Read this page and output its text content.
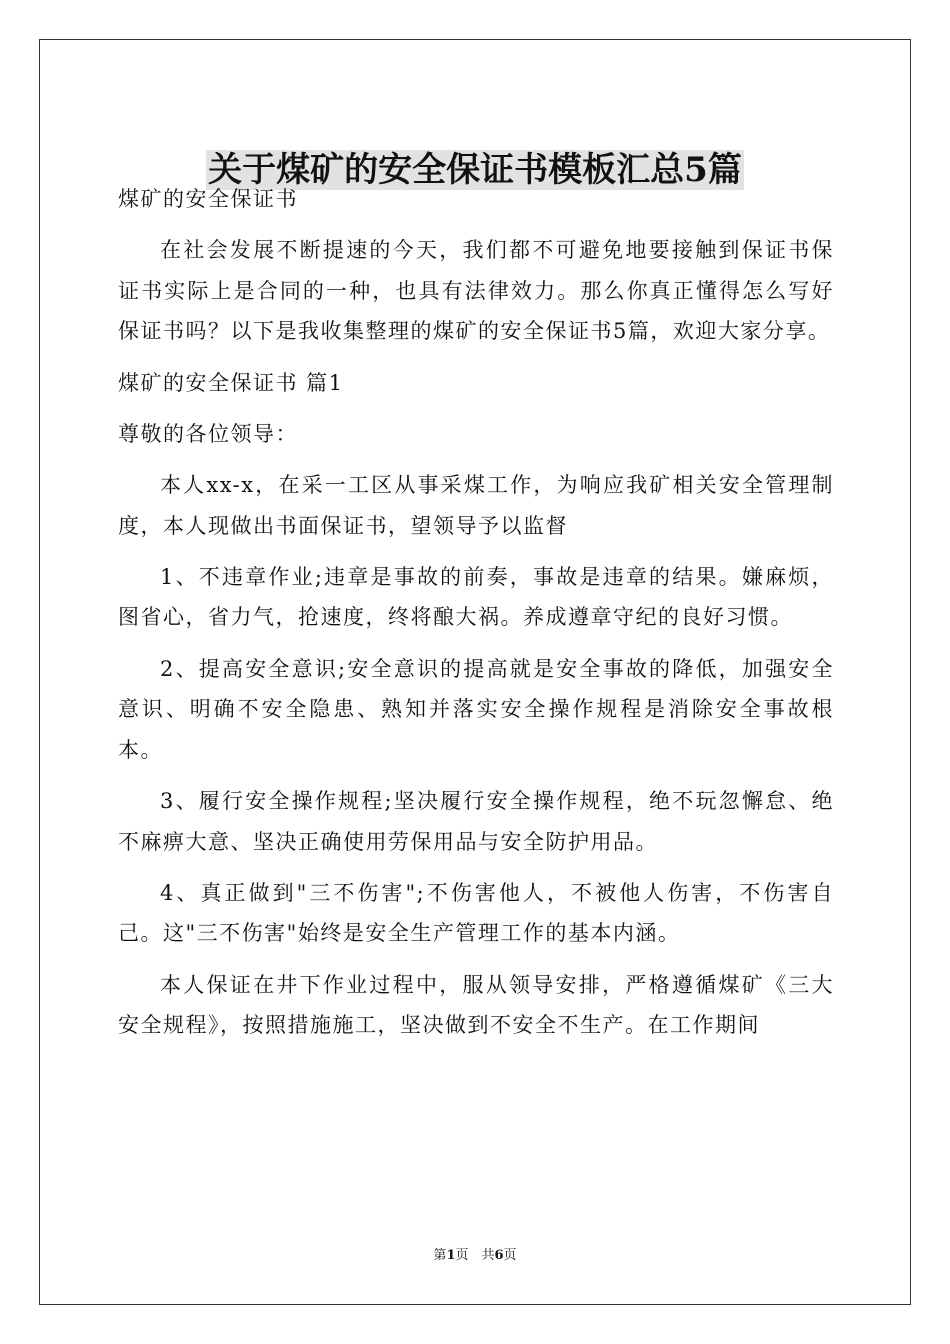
关于煤矿的安全保证书模板汇总5篇

煤矿的安全保证书

在社会发展不断提速的今天，我们都不可避免地要接触到保证书保证书实际上是合同的一种，也具有法律效力。那么你真正懂得怎么写好保证书吗？以下是我收集整理的煤矿的安全保证书5篇，欢迎大家分享。

煤矿的安全保证书 篇1

尊敬的各位领导：

本人xx-x，在采一工区从事采煤工作，为响应我矿相关安全管理制度，本人现做出书面保证书，望领导予以监督

1、不违章作业;违章是事故的前奏，事故是违章的结果。嫌麻烦，图省心，省力气，抢速度，终将酿大祸。养成遵章守纪的良好习惯。

2、提高安全意识;安全意识的提高就是安全事故的降低，加强安全意识、明确不安全隐患、熟知并落实安全操作规程是消除安全事故根本。

3、履行安全操作规程;坚决履行安全操作规程，绝不玩忽懈怠、绝不麻痹大意、坚决正确使用劳保用品与安全防护用品。

4、真正做到"三不伤害";不伤害他人，不被他人伤害，不伤害自己。这"三不伤害"始终是安全生产管理工作的基本内涵。

本人保证在井下作业过程中，服从领导安排，严格遵循煤矿《三大安全规程》，按照措施施工，坚决做到不安全不生产。在工作期间

第1页　共6页
